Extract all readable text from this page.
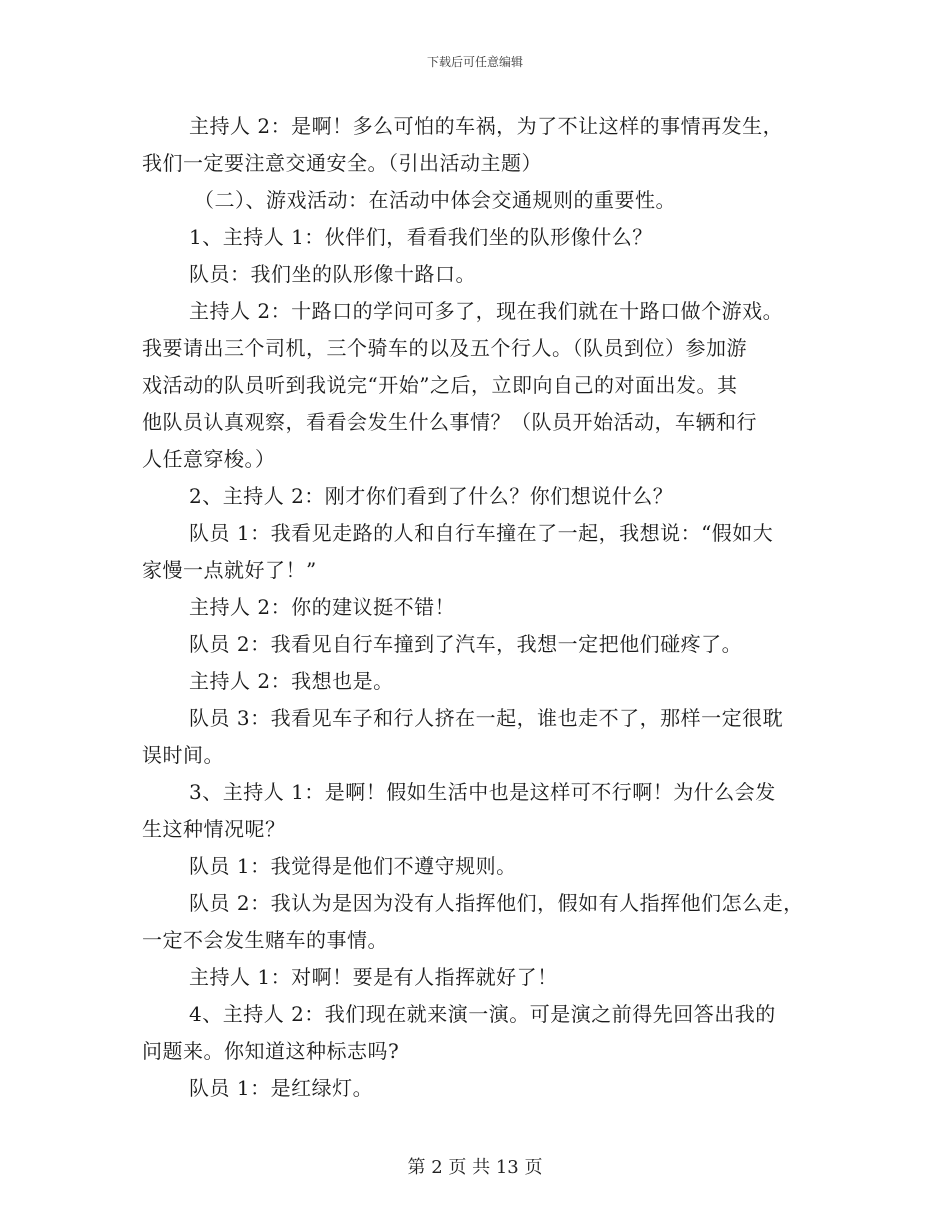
下载后可任意编辑
主持人 2：是啊！多么可怕的车祸，为了不让这样的事情再发生，
我们一定要注意交通安全。（引出活动主题）
（二）、游戏活动：在活动中体会交通规则的重要性。
1、主持人 1：伙伴们，看看我们坐的队形像什么？
队员：我们坐的队形像十路口。
主持人 2：十路口的学问可多了，现在我们就在十路口做个游戏。
我要请出三个司机，三个骑车的以及五个行人。（队员到位）参加游
戏活动的队员听到我说完“开始”之后，立即向自己的对面出发。其
他队员认真观察，看看会发生什么事情？（队员开始活动，车辆和行
人任意穿梭。）
2、主持人 2：刚才你们看到了什么？你们想说什么？
队员 1：我看见走路的人和自行车撞在了一起，我想说：“假如大
家慢一点就好了！”
主持人 2：你的建议挺不错！
队员 2：我看见自行车撞到了汽车，我想一定把他们碰疼了。
主持人 2：我想也是。
队员 3：我看见车子和行人挤在一起，谁也走不了，那样一定很耽
误时间。
3、主持人 1：是啊！假如生活中也是这样可不行啊！为什么会发
生这种情况呢？
队员 1：我觉得是他们不遵守规则。
队员 2：我认为是因为没有人指挥他们，假如有人指挥他们怎么走，
一定不会发生赌车的事情。
主持人 1：对啊！要是有人指挥就好了！
4、主持人 2：我们现在就来演一演。可是演之前得先回答出我的
问题来。你知道这种标志吗?
队员 1：是红绿灯。
第 2 页 共 13 页
